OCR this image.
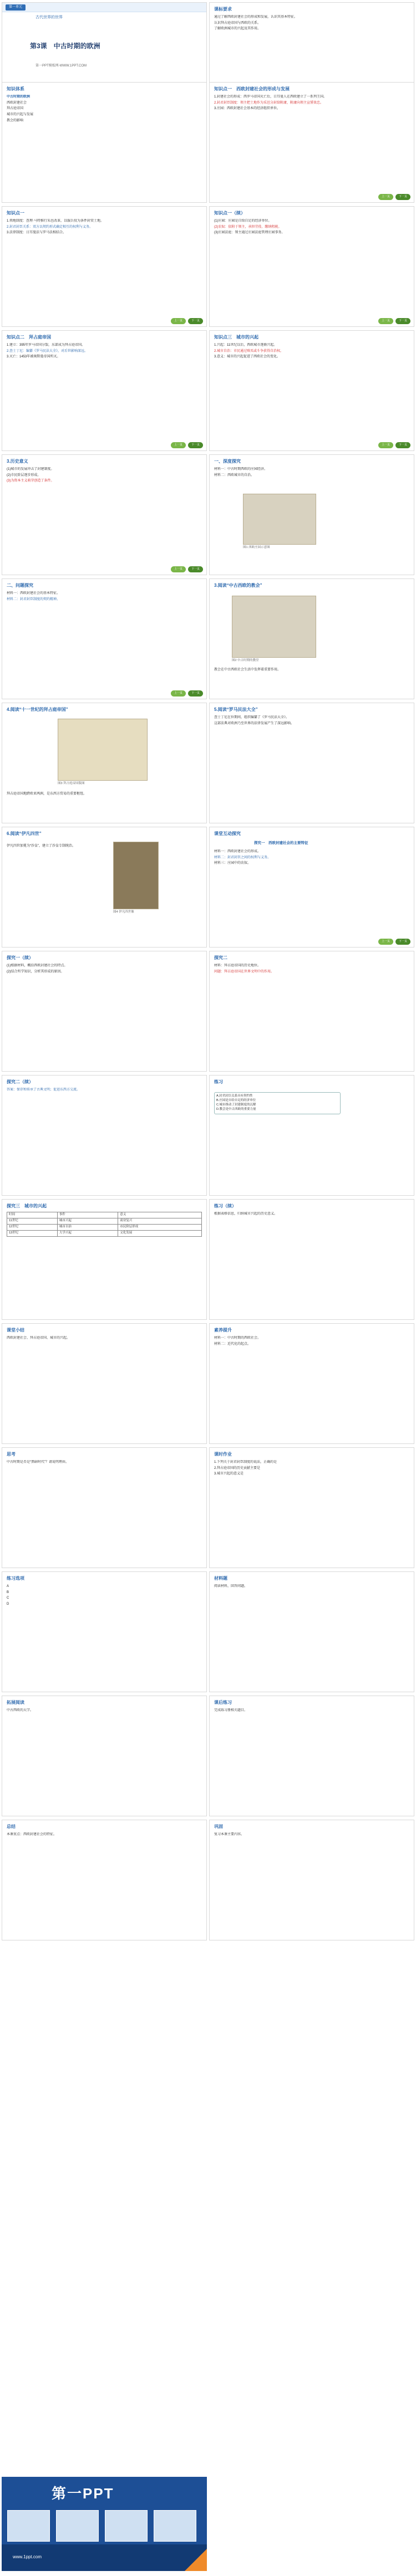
第一单元
古代世界的世界
第3课　中古时期的欧洲
第一PPT模板网-WWW.1PPT.COM
课标要求

通过了解西欧封建社会的形成和发展，认识其基本特征。

认识拜占庭帝国与西欧的关系。

了解欧洲城市的兴起及其作用。

知识体系

中古时期的欧洲

西欧封建社会

拜占庭帝国

城市的兴起与发展

教会的影响

知识点一　西欧封建社会的形成与发展

1.封建社会的形成：西罗马帝国灭亡后，日耳曼人在西欧建立了一系列王国。

2.封君封臣制度：领主把土地作为采邑分封给附庸，附庸向领主宣誓效忠。

3.庄园：西欧封建社会基本的经济组织单位。

上一页	下一页
知识点一

1.领地制度：查理·马特推行采邑改革，以服兵役为条件封赏土地。

2.封君封臣关系：双方以契约形式确定相互的权利与义务。

3.法律制度：日耳曼法与罗马法相结合。

上一页	下一页
知识点一（续）

(1)庄园：庄园是自给自足的经济单位。

(2)农奴：依附于领主，承担劳役、缴纳租税。

(3)庄园法庭：领主通过庄园法庭管理庄园事务。

上一页	下一页
知识点二　拜占庭帝国

1.建立：395年罗马帝国分裂，东部成为拜占庭帝国。

2.查士丁尼：编纂《罗马民法大全》，对后世影响深远。

3.灭亡：1453年被奥斯曼帝国所灭。

上一页	下一页
知识点三　城市的兴起

1.兴起：11世纪以后，西欧城市逐渐兴起。

2.城市自治：市民通过赎买或斗争获得自治权。

3.意义：城市的兴起促进了西欧社会的变化。

上一页	下一页
3.历史意义

(1)城市的发展冲击了封建制度。

(2)市民阶层逐步形成。

(3)为资本主义萌芽创造了条件。

上一页	下一页
一、深度探究

材料一：中古时期西欧的庄园经济。

材料二：西欧城市的自治。

图1 西欧庄园示意图
二、问题探究

材料一：西欧封建社会的基本特征。

材料二：封君封臣制度的契约精神。

上一页	下一页
3.阅读“中古西欧的教会”
图2 中古时期的教堂
教会在中古西欧社会生活中发挥着重要作用。
4.阅读“十一世纪的拜占庭帝国”
图3 拜占庭帝国版图
拜占庭帝国地跨欧亚两洲，是东西方贸易的重要枢纽。
5.阅读“罗马民法大全”

查士丁尼在位期间，组织编纂了《罗马民法大全》。

这部法典对欧洲乃至世界的法律发展产生了深远影响。

6.阅读“伊凡四世”
伊凡四世加冕为“沙皇”，建立了沙皇专制统治。
图4 伊凡四世像
课堂互动探究
探究一　西欧封建社会的主要特征

材料一：西欧封建社会的形成。

材料二：封君封臣之间的权利与义务。

材料三：庄园中的农奴。

上一页	下一页
探究一（续）

(1)根据材料，概括西欧封建社会的特点。

(2)结合所学知识，分析其形成的原因。

探究二

材料：拜占庭帝国的历史地位。

问题：拜占庭帝国在世界文明中的作用。

探究二（续）

答案：保存和传承了古典文明；促进东西方交流。

练习
A.封君封臣关系具有契约性
B.庄园是自给自足的经济单位
C.城市推动了封建制度的瓦解
D.教会是中古西欧的重要力量
探究三　城市的兴起
时间	事件	意义
11世纪	城市兴起	商业复兴
12世纪	城市自治	市民阶层形成
13世纪	大学兴起	文化发展
练习（续）

根据表格信息，归纳城市兴起的历史意义。

课堂小结

西欧封建社会、拜占庭帝国、城市的兴起。

素养提升

材料一：中古时期的西欧社会。

材料二：近代化的起点。

思考

中古时期是否是“黑暗时代”？请说明理由。

课时作业

1.下列关于封君封臣制度的说法，正确的是

2.拜占庭帝国的历史贡献主要是

3.城市兴起的意义是

练习选项

A

B

C

D

材料题

阅读材料，回答问题。

拓展阅读

中古西欧的大学。

课后练习

完成练习册相关题目。

总结

本课重点：西欧封建社会的特征。

巩固

复习本课主要内容。

第一PPT
www.1ppt.com
